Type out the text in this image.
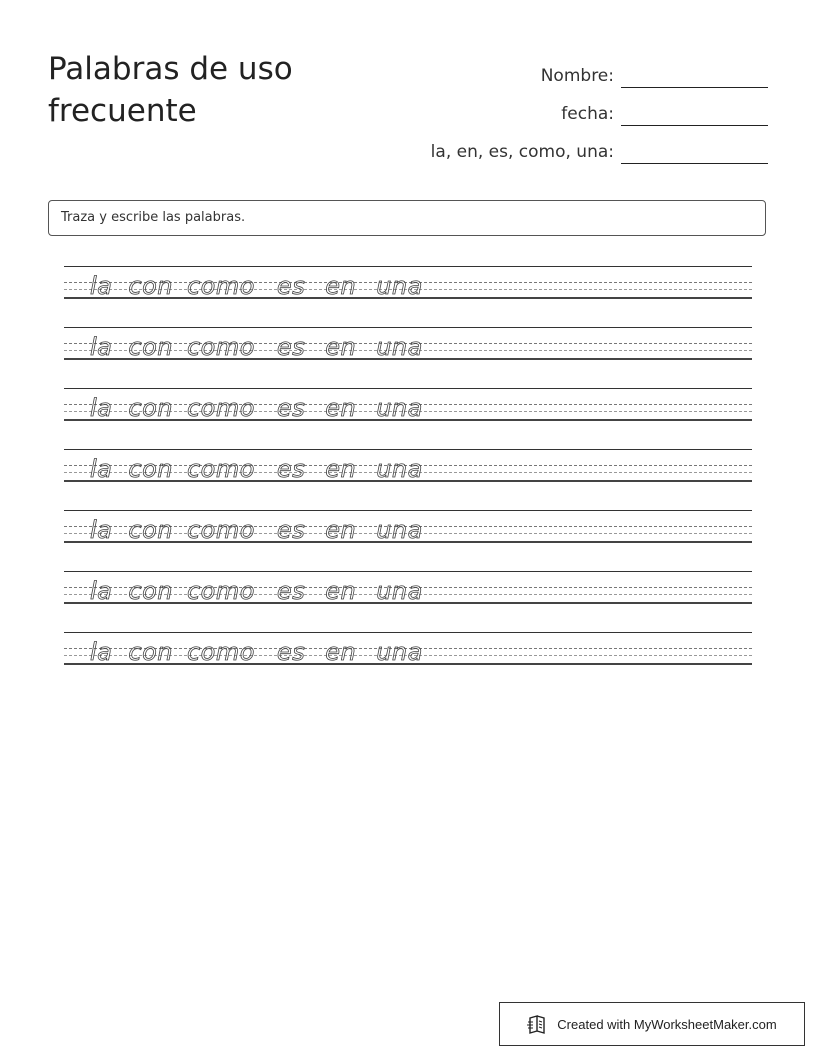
Palabras de uso frecuente
Nombre:
fecha:
la, en, es, como, una:
Traza y escribe las palabras.
la con como es en una
la con como es en una
la con como es en una
la con como es en una
la con como es en una
la con como es en una
la con como es en una
Created with MyWorksheetMaker.com
